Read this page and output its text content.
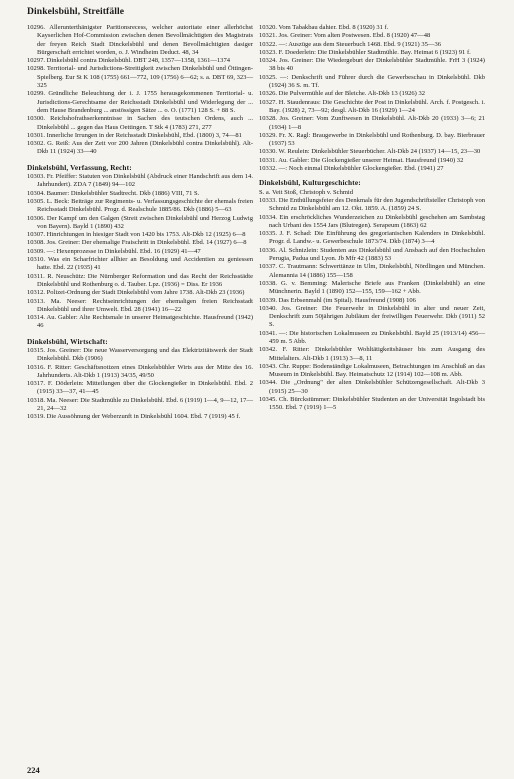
Dinkelsbühl, Streitfälle

10296. Allerunterthänigster Paritionsrecess, welcher autoritate einer allerhöchst Kayserlichen Hof-Commission zwischen denen Bevollmächtigten des Magistrats der freyen Reich Stadt Dinckelsbühl und denen Bevollmächtigten dasiger Bürgerschaft errichtet worden, o. J. Windheim Deduct. 48, 34

10297. Dinkelsbühl contra Dinkelsbühl. DBT 248, 1357—1358, 1361—1374

10298. Territorial- und Jurisdictions-Streitigkeit zwischen Dinkelsbühl und Öttingen-Spielberg. Eur St K 108 (1755) 661—772, 109 (1756) 6—62; s. a. DBT 69, 323—325

10299. Gründliche Beleuchtung der i. J. 1755 herausgekommenen Territorial- u. Jurisdictions-Gerechtsame der Reichsstadt Dinkelsbühl und Widerlegung der ... dem Hause Brandenburg ... anstössigen Sätze ... o. O. (1771) 128 S. + 88 S.

10300. Reichshofrathserkenntnisse in Sachen des teutschen Ordens, auch ... Dinkelsbühl ... gegen das Haus Oettingen. T Stk 4 (1783) 271, 277

10301. Innerliche Irrungen in der Reichsstadt Dinkelsbühl, Ebd. (1800) 3, 74—81

10302. G. Reiß: Aus der Zeit vor 200 Jahren (Dinkelsbühl contra Dinkelsbühl). Alt-Dkb 11 (1924) 33—40

Dinkelsbühl, Verfassung, Recht:

10303. Fr. Pfeiffer: Statuten von Dinkelsbühl (Abdruck einer Handschrift aus dem 14. Jahrhundert). ZDA 7 (1849) 94—102

10304. Baumer: Dinkelsbühler Stadtrecht. Dkb (1886) VIII, 71 S.

10305. L. Beck: Beiträge zur Regiments- u. Verfassungsgeschichte der ehemals freien Reichsstadt Dinkelsbühl. Progr. d. Realschule 1885/86. Dkb (1886) 5—63

10306. Der Kampf um den Galgen (Streit zwischen Dinkelsbühl und Herzog Ludwig von Bayern). Bayld 1 (1890) 432

10307. Hinrichtungen in hiesiger Stadt von 1420 bis 1753. Alt-Dkb 12 (1925) 6—8

10308. Jos. Greiner: Der ehemalige Fraischritt in Dinkelsbühl. Ebd. 14 (1927) 6—8

10309. —: Hexenprozesse in Dinkelsbühl. Ebd. 16 (1929) 41—47

10310. Was ein Scharfrichter allhier an Besoldung und Accidentien zu geniessen hatte. Ebd. 22 (1935) 41

10311. R. Neuschütz: Die Nürnberger Reformation und das Recht der Reichsstädte Dinkelsbühl und Rothenburg o. d. Tauber. Lpz. (1936) = Diss. Er 1936

10312. Polizei-Ordnung der Stadt Dinkelsbühl vom Jahre 1738. Alt-Dkb 23 (1936)

10313. Ma. Neeser: Rechtseinrichtungen der ehemaligen freien Reichsstadt Dinkelsbühl und ihrer Umwelt. Ebd. 28 (1941) 16—22

10314. Au. Gabler: Alte Rechtsmale in unserer Heimatgeschichte. Hausfreund (1942) 46

Dinkelsbühl, Wirtschaft:

10315. Jos. Greiner: Die neue Wasserversorgung und das Elektrizitätswerk der Stadt Dinkelsbühl. Dkb (1906)

10316. F. Ritter: Geschäftsnotizen eines Dinkelsbühler Wirts aus der Mitte des 16. Jahrhunderts. Alt-Dkb 1 (1913) 34/35, 49/50

10317. F. Döderlein: Mitteilungen über die Glockengießer in Dinkelsbühl. Ebd. 2 (1915) 33—37, 41—45

10318. Ma. Neeser: Die Stadtmühle zu Dinkelsbühl. Ebd. 6 (1919) 1—4, 9—12, 17—21, 24—32

10319. Die Aussöhnung der Weberzunft in Dinkelsbühl 1604. Ebd. 7 (1919) 45 f.

10320. Vom Tabakbau dahier. Ebd. 8 (1920) 31 f.

10321. Jos. Greiner: Vom alten Postwesen. Ebd. 8 (1920) 47—48

10322. —: Auszüge aus dem Steuerbuch 1468. Ebd. 9 (1921) 35—36

10323. F. Doederlein: Die Dinkelsbühler Stadtmühle. Bay. Heimat 6 (1923) 91 f.

10324. Jos. Greiner: Die Wiedergeburt der Dinkelsbühler Stadtmühle. FrH 3 (1924) 38 bis 40

10325. —: Denkschrift und Führer durch die Gewerbeschau in Dinkelsbühl. Dkb (1924) 36 S. m. Tf.

10326. Die Pulvermühle auf der Bleiche. Alt-Dkb 13 (1926) 32

10327. H. Staudenraus: Die Geschichte der Post in Dinkelsbühl. Arch. f. Postgesch. i. Bay. (1928) 2, 73—92; desgl. Alt-Dkb 16 (1929) 1—24

10328. Jos. Greiner: Vom Zunftwesen in Dinkelsbühl. Alt-Dkb 20 (1933) 3—6; 21 (1934) 1—8

10329. Fr. X. Ragl: Braugewerbe in Dinkelsbühl und Rothenburg. D. bay. Bierbrauer (1937) 53

10330. W. Reulein: Dinkelsbühler Steuerbücher. Alt-Dkb 24 (1937) 14—15, 23—30

10331. Au. Gabler: Die Glockengießer unserer Heimat. Hausfreund (1940) 32

10332. —: Noch einmal Dinkelsbühler Glockengießer. Ebd. (1941) 27

Dinkelsbühl, Kulturgeschichte:

S. a. Veit Stoß, Christoph v. Schmid

10333. Die Enthüllungsfeier des Denkmals für den Jugendschriftsteller Christoph von Schmid zu Dinkelsbühl am 12. Okt. 1859. A. (1859) 24 S.

10334. Ein erschröckliches Wunderzeichen zu Dinkelsbühl geschehen am Sambstag nach Urbani des 1554 Jars (Blutregen). Serapeum (1863) 62

10335. J. F. Schad: Die Einführung des gregorianischen Kalenders in Dinkelsbühl. Progr. d. Landw.- u. Gewerbeschule 1873/74. Dkb (1874) 3—4

10336. Al. Schnizlein: Studenten aus Dinkelsbühl und Ansbach auf den Hochschulen Perugia, Padua und Lyon. Jb Mfr 42 (1883) 53

10337. C. Trautmann: Schwerttänze in Ulm, Dinkelsbühl, Nördlingen und München. Alemannia 14 (1886) 155—158

10338. G. v. Bemming: Malerische Briefe aus Franken (Dinkelsbühl) an eine Münchnerin. Bayld 1 (1890) 152—155, 159—162 + Abb.

10339. Das Erbsenmahl (im Spital). Hausfreund (1908) 106

10340. Jos. Greiner: Die Feuerwehr in Dinkelsbühl in alter und neuer Zeit, Denkschrift zum 50jährigen Jubiläum der freiwilligen Feuerwehr. Dkb (1911) 52 S.

10341. —: Die historischen Lokalmuseen zu Dinkelsbühl. Bayld 25 (1913/14) 456—459 m. 5 Abb.

10342. F. Ritter: Dinkelsbühler Wohltätigkeitshäuser bis zum Ausgang des Mittelalters. Alt-Dkb 1 (1913) 3—8, 11

10343. Chr. Ruppe: Bodenständige Lokalmuseen, Betrachtungen im Anschluß an das Museum in Dinkelsbühl. Bay. Heimatschutz 12 (1914) 102—108 m. Abb.

10344. Die „Ordnung" der alten Dinkelsbühler Schützengesellschaft. Alt-Dkb 3 (1915) 25—30

10345. Ch. Bürckstümmer: Dinkelsbühler Studenten an der Universität Ingolstadt bis 1550. Ebd. 7 (1919) 1—5

224
